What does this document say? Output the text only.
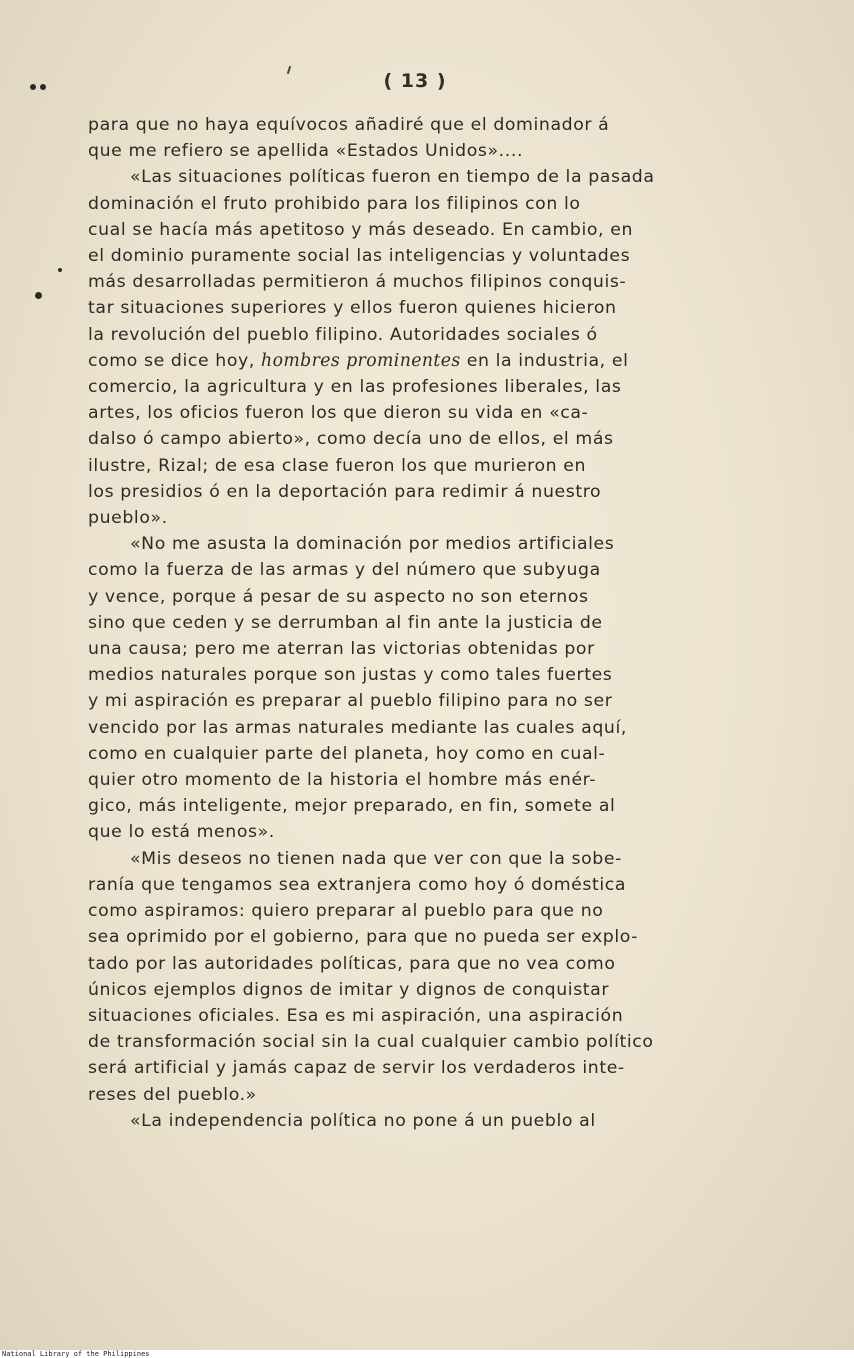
( 13 )
para que no haya equívocos añadiré que el dominador á
que me refiero se apellida «Estados Unidos»....
«Las situaciones políticas fueron en tiempo de la pasada
dominación el fruto prohibido para los filipinos con lo
cual se hacía más apetitoso y más deseado. En cambio, en
el dominio puramente social las inteligencias y voluntades
más desarrolladas permitieron á muchos filipinos conquis-
tar situaciones superiores y ellos fueron quienes hicieron
la revolución del pueblo filipino. Autoridades sociales ó
como se dice hoy, hombres prominentes en la industria, el
comercio, la agricultura y en las profesiones liberales, las
artes, los oficios fueron los que dieron su vida en «ca-
dalso ó campo abierto», como decía uno de ellos, el más
ilustre, Rizal; de esa clase fueron los que murieron en
los presidios ó en la deportación para redimir á nuestro
pueblo».
«No me asusta la dominación por medios artificiales
como la fuerza de las armas y del número que subyuga
y vence, porque á pesar de su aspecto no son eternos
sino que ceden y se derrumban al fin ante la justicia de
una causa; pero me aterran las victorias obtenidas por
medios naturales porque son justas y como tales fuertes
y mi aspiración es preparar al pueblo filipino para no ser
vencido por las armas naturales mediante las cuales aquí,
como en cualquier parte del planeta, hoy como en cual-
quier otro momento de la historia el hombre más enér-
gico, más inteligente, mejor preparado, en fin, somete al
que lo está menos».
«Mis deseos no tienen nada que ver con que la sobe-
ranía que tengamos sea extranjera como hoy ó doméstica
como aspiramos: quiero preparar al pueblo para que no
sea oprimido por el gobierno, para que no pueda ser explo-
tado por las autoridades políticas, para que no vea como
únicos ejemplos dignos de imitar y dignos de conquistar
situaciones oficiales. Esa es mi aspiración, una aspiración
de transformación social sin la cual cualquier cambio político
será artificial y jamás capaz de servir los verdaderos inte-
reses del pueblo.»
«La independencia política no pone á un pueblo al
National Library of the Philippines
